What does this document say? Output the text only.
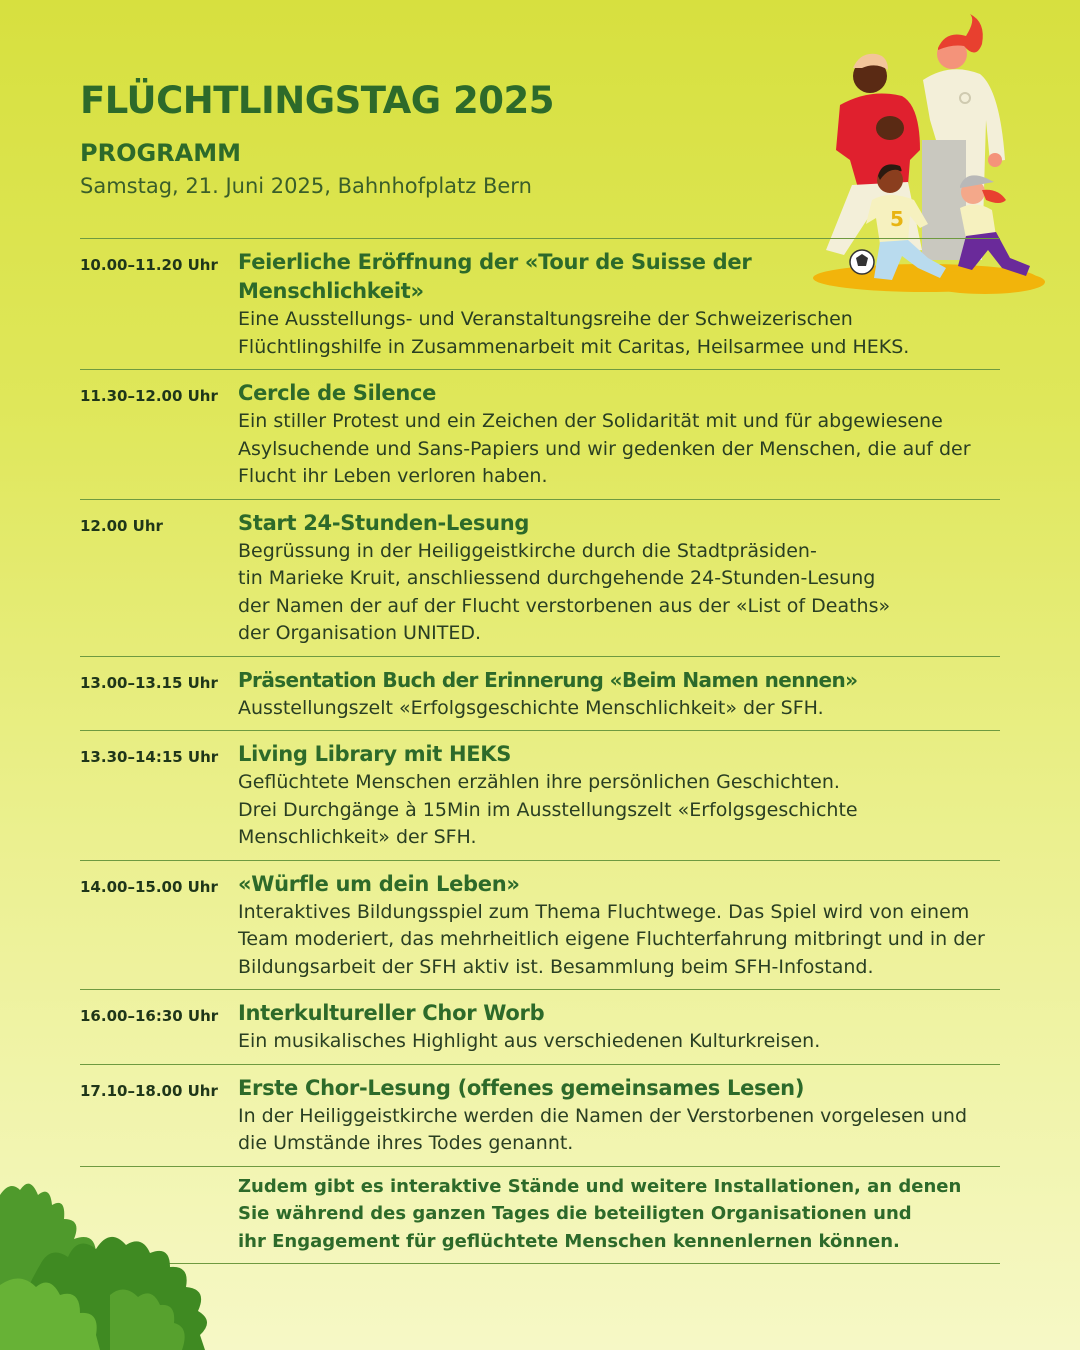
FLÜCHTLINGSTAG 2025
PROGRAMM

Samstag, 21. Juni 2025, Bahnhofplatz Bern

5
10.00–11.20 Uhr Feierliche Eröffnung der «Tour de Suisse der Menschlichkeit»
Eine Ausstellungs- und Veranstaltungsreihe der Schweizerischen Flüchtlingshilfe in Zusammenarbeit mit Caritas, Heilsarmee und HEKS.
11.30–12.00 Uhr Cercle de Silence
Ein stiller Protest und ein Zeichen der Solidarität mit und für abgewiesene Asylsuchende und Sans-Papiers und wir gedenken der Menschen, die auf der Flucht ihr Leben verloren haben.
12.00 Uhr	Start 24-Stunden-Lesung
Begrüssung in der Heiliggeistkirche durch die Stadtpräsiden-
tin Marieke Kruit, anschliessend durchgehende 24-Stunden-Lesung
der Namen der auf der Flucht verstorbenen aus der «List of Deaths»
der Organisation UNITED.
13.00–13.15 Uhr	Präsentation Buch der Erinnerung «Beim Namen nennen»
Ausstellungszelt «Erfolgsgeschichte Menschlichkeit» der SFH.
13.30–14:15 Uhr Living Library mit HEKS
Geflüchtete Menschen erzählen ihre persönlichen Geschichten.
Drei Durchgänge à 15Min im Ausstellungszelt «Erfolgsgeschichte
Menschlichkeit» der SFH.
14.00–15.00 Uhr «Würfle um dein Leben»
Interaktives Bildungsspiel zum Thema Fluchtwege. Das Spiel wird von einem Team moderiert, das mehrheitlich eigene Fluchterfahrung mitbringt und in der Bildungsarbeit der SFH aktiv ist. Besammlung beim SFH-Infostand.
16.00–16:30 Uhr Interkultureller Chor Worb
Ein musikalisches Highlight aus verschiedenen Kulturkreisen.
17.10–18.00 Uhr Erste Chor-Lesung (offenes gemeinsames Lesen)
In der Heiliggeistkirche werden die Namen der Verstorbenen vorgelesen und die Umstände ihres Todes genannt.
Zudem gibt es interaktive Stände und weitere Installationen, an denen
Sie während des ganzen Tages die beteiligten Organisationen und
ihr Engagement für geflüchtete Menschen kennenlernen können.
